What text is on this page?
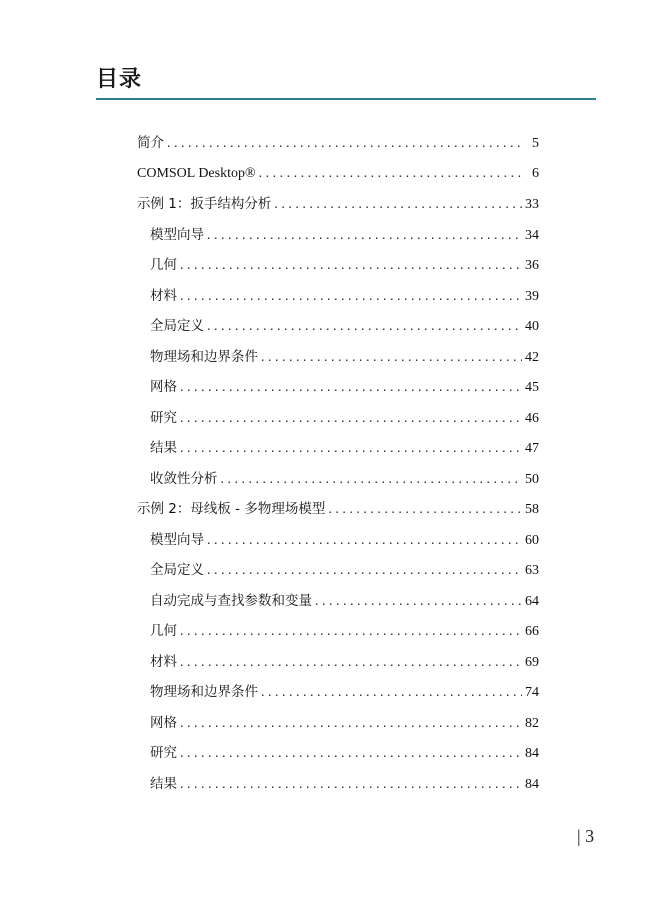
目录
简介 . . .	5
COMSOL Desktop® . . .	6
示例 1：扳手结构分析 . . .	33
模型向导 . . .	34
几何 . . .	36
材料 . . .	39
全局定义 . . .	40
物理场和边界条件 . . .	42
网格 . . .	45
研究 . . .	46
结果 . . .	47
收敛性分析 . . .	50
示例 2：母线板 - 多物理场模型 . . .	58
模型向导 . . .	60
全局定义 . . .	63
自动完成与查找参数和变量 . . .	64
几何 . . .	66
材料 . . .	69
物理场和边界条件 . . .	74
网格 . . .	82
研究 . . .	84
结果 . . .	84
| 3
